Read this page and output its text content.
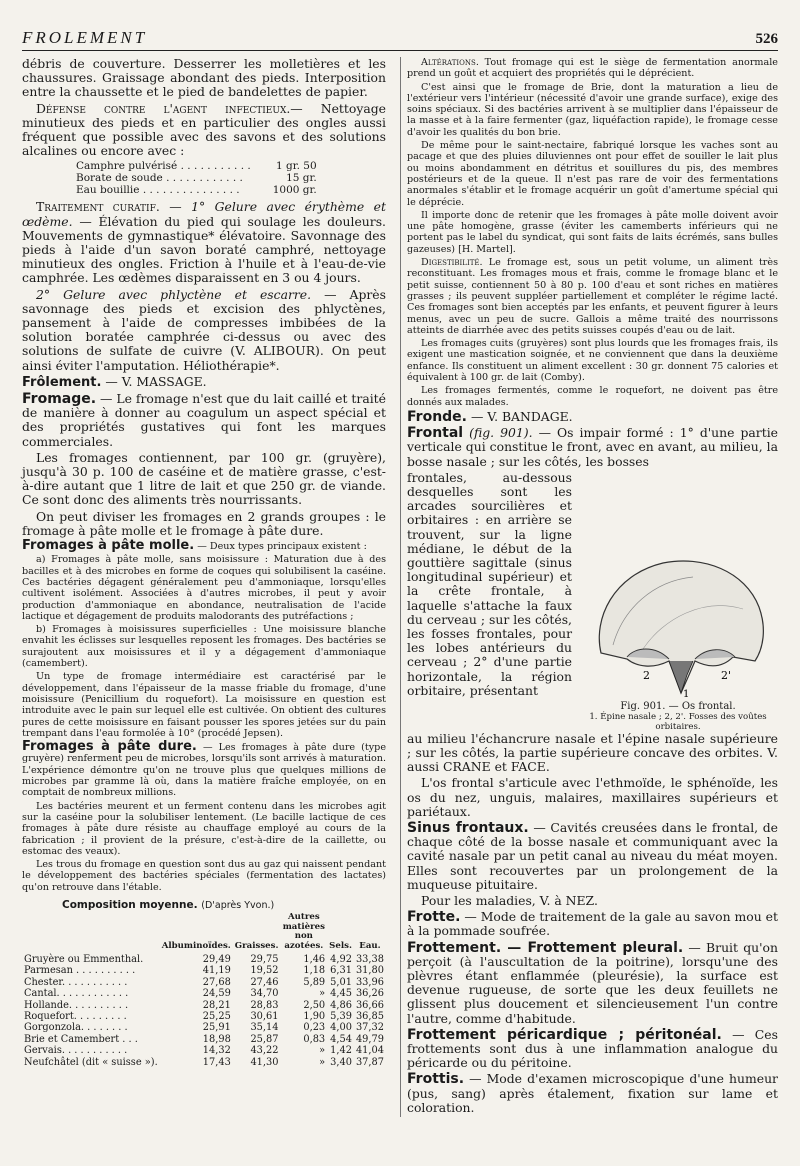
FROLEMENT	526

débris de couverture. Desserrer les molletières et les chaussures. Graissage abondant des pieds. Interposition entre la chaussette et le pied de bandelettes de papier.

Défense contre l'agent infectieux.— Nettoyage minutieux des pieds et en particulier des ongles aussi fréquent que possible avec des savons et des solutions alcalines ou encore avec :

Camphre pulvérisé . . . . . . . . . . .	1 gr. 50
Borate de soude . . . . . . . . . . . .	15 gr.
Eau bouillie . . . . . . . . . . . . . . .	1000 gr.

Traitement curatif. — 1° Gelure avec érythème et œdème. — Élévation du pied qui soulage les douleurs. Mouvements de gymnastique* élévatoire. Savonnage des pieds à l'aide d'un savon boraté camphré, nettoyage minutieux des ongles. Friction à l'huile et à l'eau-de-vie camphrée. Les œdèmes disparaissent en 3 ou 4 jours.

2° Gelure avec phlyctène et escarre. — Après savonnage des pieds et excision des phlyctènes, pansement à l'aide de compresses imbibées de la solution boratée camphrée ci-dessus ou avec des solutions de sulfate de cuivre (V. ALIBOUR). On peut ainsi éviter l'amputation. Héliothérapie*.

Frôlement. — V. MASSAGE.

Fromage. — Le fromage n'est que du lait caillé et traité de manière à donner au coagulum un aspect spécial et des propriétés gustatives qui font les marques commerciales.

Les fromages contiennent, par 100 gr. (gruyère), jusqu'à 30 p. 100 de caséine et de matière grasse, c'est-à-dire autant que 1 litre de lait et que 250 gr. de viande. Ce sont donc des aliments très nourrissants.

On peut diviser les fromages en 2 grands groupes : le fromage à pâte molle et le fromage à pâte dure.

Fromages à pâte molle. — Deux types principaux existent :

a) Fromages à pâte molle, sans moisissure : Maturation due à des bacilles et à des microbes en forme de coques qui solubilisent la caséine. Ces bactéries dégagent généralement peu d'ammoniaque, lorsqu'elles cultivent isolément. Associées à d'autres microbes, il peut y avoir production d'ammoniaque en abondance, neutralisation de l'acide lactique et dégagement de produits malodorants des putréfactions ;

b) Fromages à moisissures superficielles : Une moisissure blanche envahit les éclisses sur lesquelles reposent les fromages. Des bactéries se surajoutent aux moisissures et il y a dégagement d'ammoniaque (camembert).

Un type de fromage intermédiaire est caractérisé par le développement, dans l'épaisseur de la masse friable du fromage, d'une moisissure (Penicillium du roquefort). La moisissure en question est introduite avec le pain sur lequel elle est cultivée. On obtient des cultures pures de cette moisissure en faisant pousser les spores jetées sur du pain trempant dans l'eau formolée à 10° (procédé Jepsen).

Fromages à pâte dure. — Les fromages à pâte dure (type gruyère) renferment peu de microbes, lorsqu'ils sont arrivés à maturation. L'expérience démontre qu'on ne trouve plus que quelques millions de microbes par gramme là où, dans la matière fraîche employée, on en comptait de nombreux millions.

Les bactéries meurent et un ferment contenu dans les microbes agit sur la caséine pour la solubiliser lentement. (Le bacille lactique de ces fromages à pâte dure résiste au chauffage employé au cours de la fabrication ; il provient de la présure, c'est-à-dire de la caillette, ou estomac des veaux).

Les trous du fromage en question sont dus au gaz qui naissent pendant le développement des bactéries spéciales (fermentation des lactates) qu'on retrouve dans l'étable.

Composition moyenne. (D'après Yvon.)
	Albuminoïdes.	Graisses.	Autres matières non azotées.	Sels.	Eau.
Gruyère ou Emmenthal.	29,49	29,75	1,46	4,92	33,38
Parmesan . . . . . . . . . .	41,19	19,52	1,18	6,31	31,80
Chester. . . . . . . . . . .	27,68	27,46	5,89	5,01	33,96
Cantal. . . . . . . . . . . .	24,59	34,70	»	4,45	36,26
Hollande. . . . . . . . . .	28,21	28,83	2,50	4,86	36,66
Roquefort. . . . . . . . .	25,25	30,61	1,90	5,39	36,85
Gorgonzola. . . . . . . .	25,91	35,14	0,23	4,00	37,32
Brie et Camembert . . .	18,98	25,87	0,83	4,54	49,79
Gervais. . . . . . . . . . .	14,32	43,22	»	1,42	41,04
Neufchâtel (dit « suisse »).	17,43	41,30	»	3,40	37,87

Altérations. Tout fromage qui est le siège de fermentation anormale prend un goût et acquiert des propriétés qui le déprécient.

C'est ainsi que le fromage de Brie, dont la maturation a lieu de l'extérieur vers l'intérieur (nécessité d'avoir une grande surface), exige des soins spéciaux. Si des bactéries arrivent à se multiplier dans l'épaisseur de la masse et à la faire fermenter (gaz, liquéfaction rapide), le fromage cesse d'avoir les qualités du bon brie.

De même pour le saint-nectaire, fabriqué lorsque les vaches sont au pacage et que des pluies diluviennes ont pour effet de souiller le lait plus ou moins abondamment en détritus et souillures du pis, des membres postérieurs et de la queue. Il n'est pas rare de voir des fermentations anormales s'établir et le fromage acquérir un goût d'amertume spécial qui le déprécie.

Il importe donc de retenir que les fromages à pâte molle doivent avoir une pâte homogène, grasse (éviter les camemberts inférieurs qui ne portent pas le label du syndicat, qui sont faits de laits écrémés, sans bulles gazeuses) [H. Martel].

Digestibilité. Le fromage est, sous un petit volume, un aliment très reconstituant. Les fromages mous et frais, comme le fromage blanc et le petit suisse, contiennent 50 à 80 p. 100 d'eau et sont riches en matières grasses ; ils peuvent suppléer partiellement et compléter le régime lacté. Ces fromages sont bien acceptés par les enfants, et peuvent figurer à leurs menus, avec un peu de sucre. Gallois a même traité des nourrissons atteints de diarrhée avec des petits suisses coupés d'eau ou de lait.

Les fromages cuits (gruyères) sont plus lourds que les fromages frais, ils exigent une mastication soignée, et ne conviennent que dans la deuxième enfance. Ils constituent un aliment excellent : 30 gr. donnent 75 calories et équivalent à 100 gr. de lait (Comby).

Les fromages fermentés, comme le roquefort, ne doivent pas être donnés aux malades.

Fronde. — V. BANDAGE.

Frontal (fig. 901). — Os impair formé : 1° d'une partie verticale qui constitue le front, avec en avant, au milieu, la bosse nasale ; sur les côtés, les bosses

frontales, au-dessous desquelles sont les arcades sourcilières et orbitaires : en arrière se trouvent, sur la ligne médiane, le début de la gouttière sagittale (sinus longitudinal supérieur) et la crête frontale, à laquelle s'attache la faux du cerveau ; sur les côtés, les fosses frontales, pour les lobes antérieurs du cerveau ; 2° d'une partie horizontale, la région orbitaire, présentant

2	2'
1
Fig. 901. — Os frontal.
1. Épine nasale ; 2, 2'. Fosses des voûtes orbitaires.

au milieu l'échancrure nasale et l'épine nasale supérieure ; sur les côtés, la partie supérieure concave des orbites. V. aussi CRANE et FACE.

L'os frontal s'articule avec l'ethmoïde, le sphénoïde, les os du nez, unguis, malaires, maxillaires supérieurs et pariétaux.

Sinus frontaux. — Cavités creusées dans le frontal, de chaque côté de la bosse nasale et communiquant avec la cavité nasale par un petit canal au niveau du méat moyen. Elles sont recouvertes par un prolongement de la muqueuse pituitaire.

Pour les maladies, V. à NEZ.

Frotte. — Mode de traitement de la gale au savon mou et à la pommade soufrée.

Frottement. — Frottement pleural. — Bruit qu'on perçoit (à l'auscultation de la poitrine), lorsqu'une des plèvres étant enflammée (pleurésie), la surface est devenue rugueuse, de sorte que les deux feuillets ne glissent plus doucement et silencieusement l'un contre l'autre, comme d'habitude.

Frottement péricardique ; péritonéal. — Ces frottements sont dus à une inflammation analogue du péricarde ou du péritoine.

Frottis. — Mode d'examen microscopique d'une humeur (pus, sang) après étalement, fixation sur lame et coloration.
